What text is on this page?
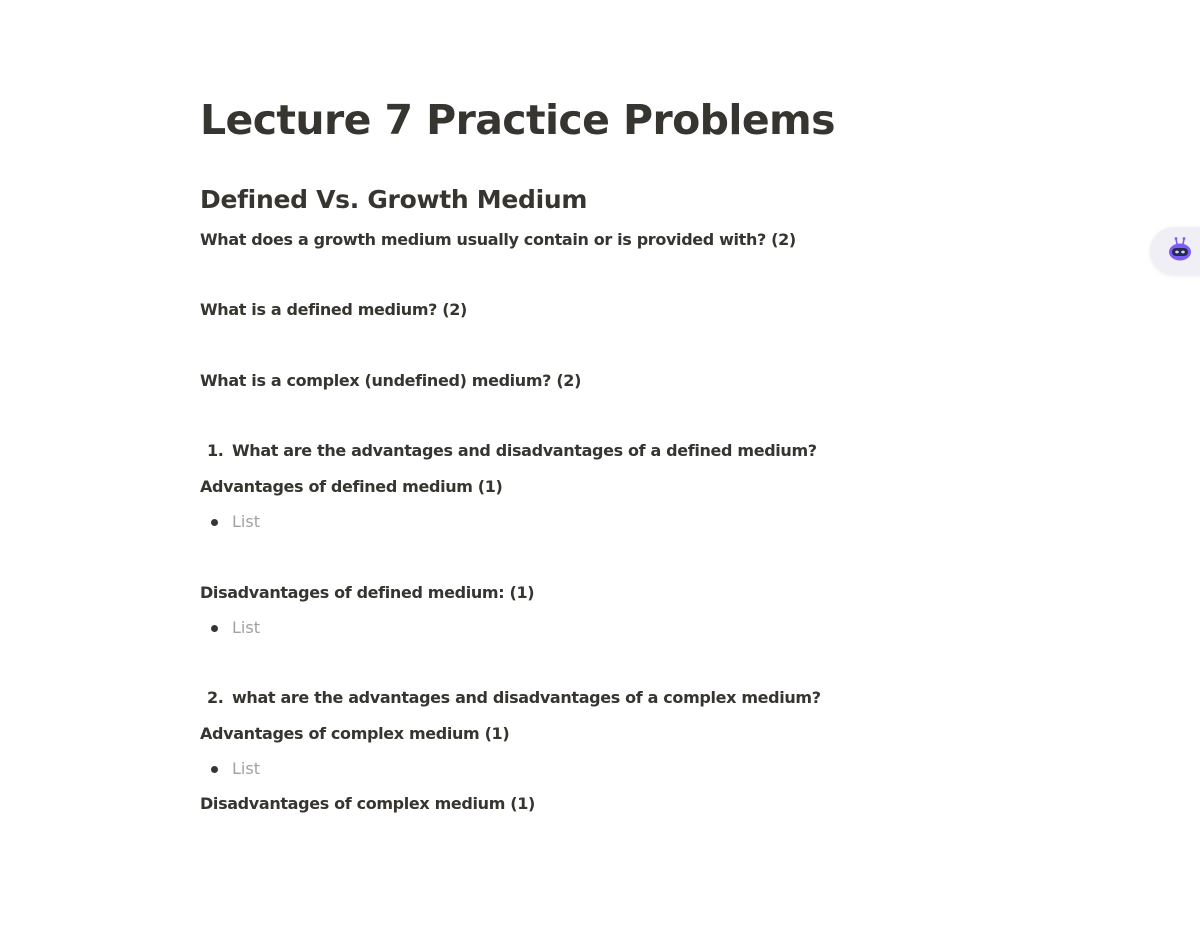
Lecture 7 Practice Problems
Defined Vs. Growth Medium

What does a growth medium usually contain or is provided with? (2)

What is a defined medium? (2)

What is a complex (undefined) medium? (2)

1. What are the advantages and disadvantages of a defined medium?

Advantages of defined medium (1)

List

Disadvantages of defined medium: (1)

List
2. what are the advantages and disadvantages of a complex medium?

Advantages of complex medium (1)

List

Disadvantages of complex medium (1)
